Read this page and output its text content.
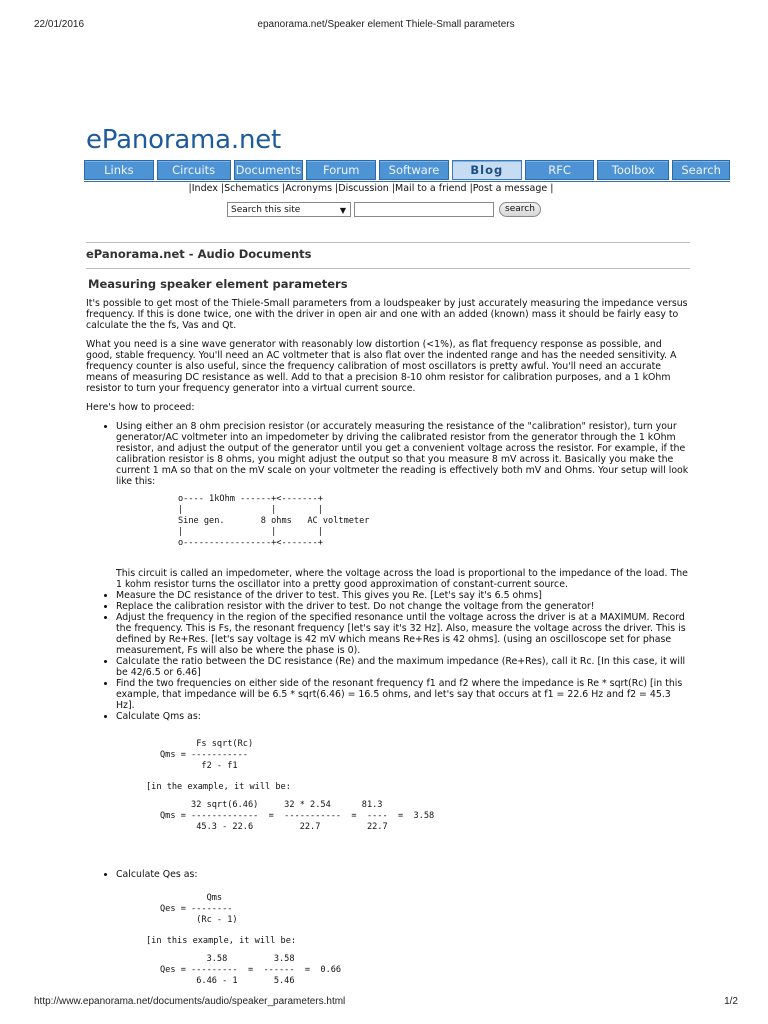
22/01/2016	epanorama.net/Speaker element Thiele-Small parameters
ePanorama.net
Links	Circuits	Documents	Forum	Software	Blog	RFC	Toolbox	Search
|Index |Schematics |Acronyms |Discussion |Mail to a friend |Post a message |
Search this site	▼	search
ePanorama.net - Audio Documents
Measuring speaker element parameters

It's possible to get most of the Thiele-Small parameters from a loudspeaker by just accurately measuring the impedance versus frequency. If this is done twice, one with the driver in open air and one with an added (known) mass it should be fairly easy to calculate the the fs, Vas and Qt.

What you need is a sine wave generator with reasonably low distortion (<1%), as flat frequency response as possible, and good, stable frequency. You'll need an AC voltmeter that is also flat over the indented range and has the needed sensitivity. A frequency counter is also useful, since the frequency calibration of most oscillators is pretty awful. You'll need an accurate means of measuring DC resistance as well. Add to that a precision 8-10 ohm resistor for calibration purposes, and a 1 kOhm resistor to turn your frequency generator into a virtual current source.

Here's how to proceed:

• Using either an 8 ohm precision resistor (or accurately measuring the resistance of the "calibration" resistor), turn your generator/AC voltmeter into an impedometer by driving the calibrated resistor from the generator through the 1 kOhm resistor, and adjust the output of the generator until you get a convenient voltage across the resistor. For example, if the calibration resistor is 8 ohms, you might adjust the output so that you measure 8 mV across it. Basically you make the current 1 mA so that on the mV scale on your voltmeter the reading is effectively both mV and Ohms. Your setup will look like this:
o---- 1kOhm ------+<-------+
|                 |        |
Sine gen.       8 ohms   AC voltmeter
|                 |        |
o-----------------+<-------+
This circuit is called an impedometer, where the voltage across the load is proportional to the impedance of the load. The 1 kohm resistor turns the oscillator into a pretty good approximation of constant-current source.
• Measure the DC resistance of the driver to test. This gives you Re. [Let's say it's 6.5 ohms]
• Replace the calibration resistor with the driver to test. Do not change the voltage from the generator!
• Adjust the frequency in the region of the specified resonance until the voltage across the driver is at a MAXIMUM. Record the frequency. This is Fs, the resonant frequency [let's say it's 32 Hz]. Also, measure the voltage across the driver. This is defined by Re+Res. [let's say voltage is 42 mV which means Re+Res is 42 ohms]. (using an oscilloscope set for phase measurement, Fs will also be where the phase is 0).
• Calculate the ratio between the DC resistance (Re) and the maximum impedance (Re+Res), call it Rc. [In this case, it will be 42/6.5 or 6.46]
• Find the two frequencies on either side of the resonant frequency f1 and f2 where the impedance is Re * sqrt(Rc) [in this example, that impedance will be 6.5 * sqrt(6.46) = 16.5 ohms, and let's say that occurs at f1 = 22.6 Hz and f2 = 45.3 Hz].
• Calculate Qms as:
Fs sqrt(Rc)
Qms = -----------
f2 - f1
[in the example, it will be:
32 sqrt(6.46)     32 * 2.54      81.3
Qms = -------------  =  -----------  =  ----  =  3.58
45.3 - 22.6         22.7         22.7
• Calculate Qes as:
Qms
Qes = --------
(Rc - 1)
[in this example, it will be:
3.58         3.58
Qes = ---------  =  ------  =  0.66
6.46 - 1       5.46
http://www.epanorama.net/documents/audio/speaker_parameters.html	1/2
